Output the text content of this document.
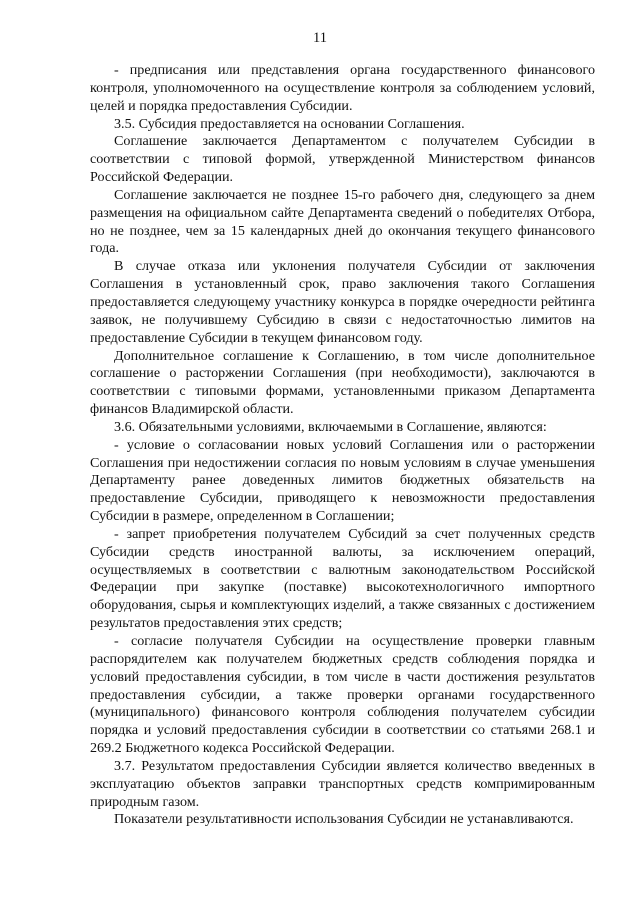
11

- предписания или представления органа государственного финансового контроля, уполномоченного на осуществление контроля за соблюдением условий, целей и порядка предоставления Субсидии.

3.5. Субсидия предоставляется на основании Соглашения.

Соглашение заключается Департаментом с получателем Субсидии в соответствии с типовой формой, утвержденной Министерством финансов Российской Федерации.

Соглашение заключается не позднее 15-го рабочего дня, следующего за днем размещения на официальном сайте Департамента сведений о победителях Отбора, но не позднее, чем за 15 календарных дней до окончания текущего финансового года.

В случае отказа или уклонения получателя Субсидии от заключения Соглашения в установленный срок, право заключения такого Соглашения предоставляется следующему участнику конкурса в порядке очередности рейтинга заявок, не получившему Субсидию в связи с недостаточностью лимитов на предоставление Субсидии в текущем финансовом году.

Дополнительное соглашение к Соглашению, в том числе дополнительное соглашение о расторжении Соглашения (при необходимости), заключаются в соответствии с типовыми формами, установленными приказом Департамента финансов Владимирской области.

3.6. Обязательными условиями, включаемыми в Соглашение, являются:

- условие о согласовании новых условий Соглашения или о расторжении Соглашения при недостижении согласия по новым условиям в случае уменьшения Департаменту ранее доведенных лимитов бюджетных обязательств на предоставление Субсидии, приводящего к невозможности предоставления Субсидии в размере, определенном в Соглашении;

- запрет приобретения получателем Субсидий за счет полученных средств Субсидии средств иностранной валюты, за исключением операций, осуществляемых в соответствии с валютным законодательством Российской Федерации при закупке (поставке) высокотехнологичного импортного оборудования, сырья и комплектующих изделий, а также связанных с достижением результатов предоставления этих средств;

- согласие получателя Субсидии на осуществление проверки главным распорядителем как получателем бюджетных средств соблюдения порядка и условий предоставления субсидии, в том числе в части достижения результатов предоставления субсидии, а также проверки органами государственного (муниципального) финансового контроля соблюдения получателем субсидии порядка и условий предоставления субсидии в соответствии со статьями 268.1 и 269.2 Бюджетного кодекса Российской Федерации.

3.7. Результатом предоставления Субсидии является количество введенных в эксплуатацию объектов заправки транспортных средств компримированным природным газом.

Показатели результативности использования Субсидии не устанавливаются.
